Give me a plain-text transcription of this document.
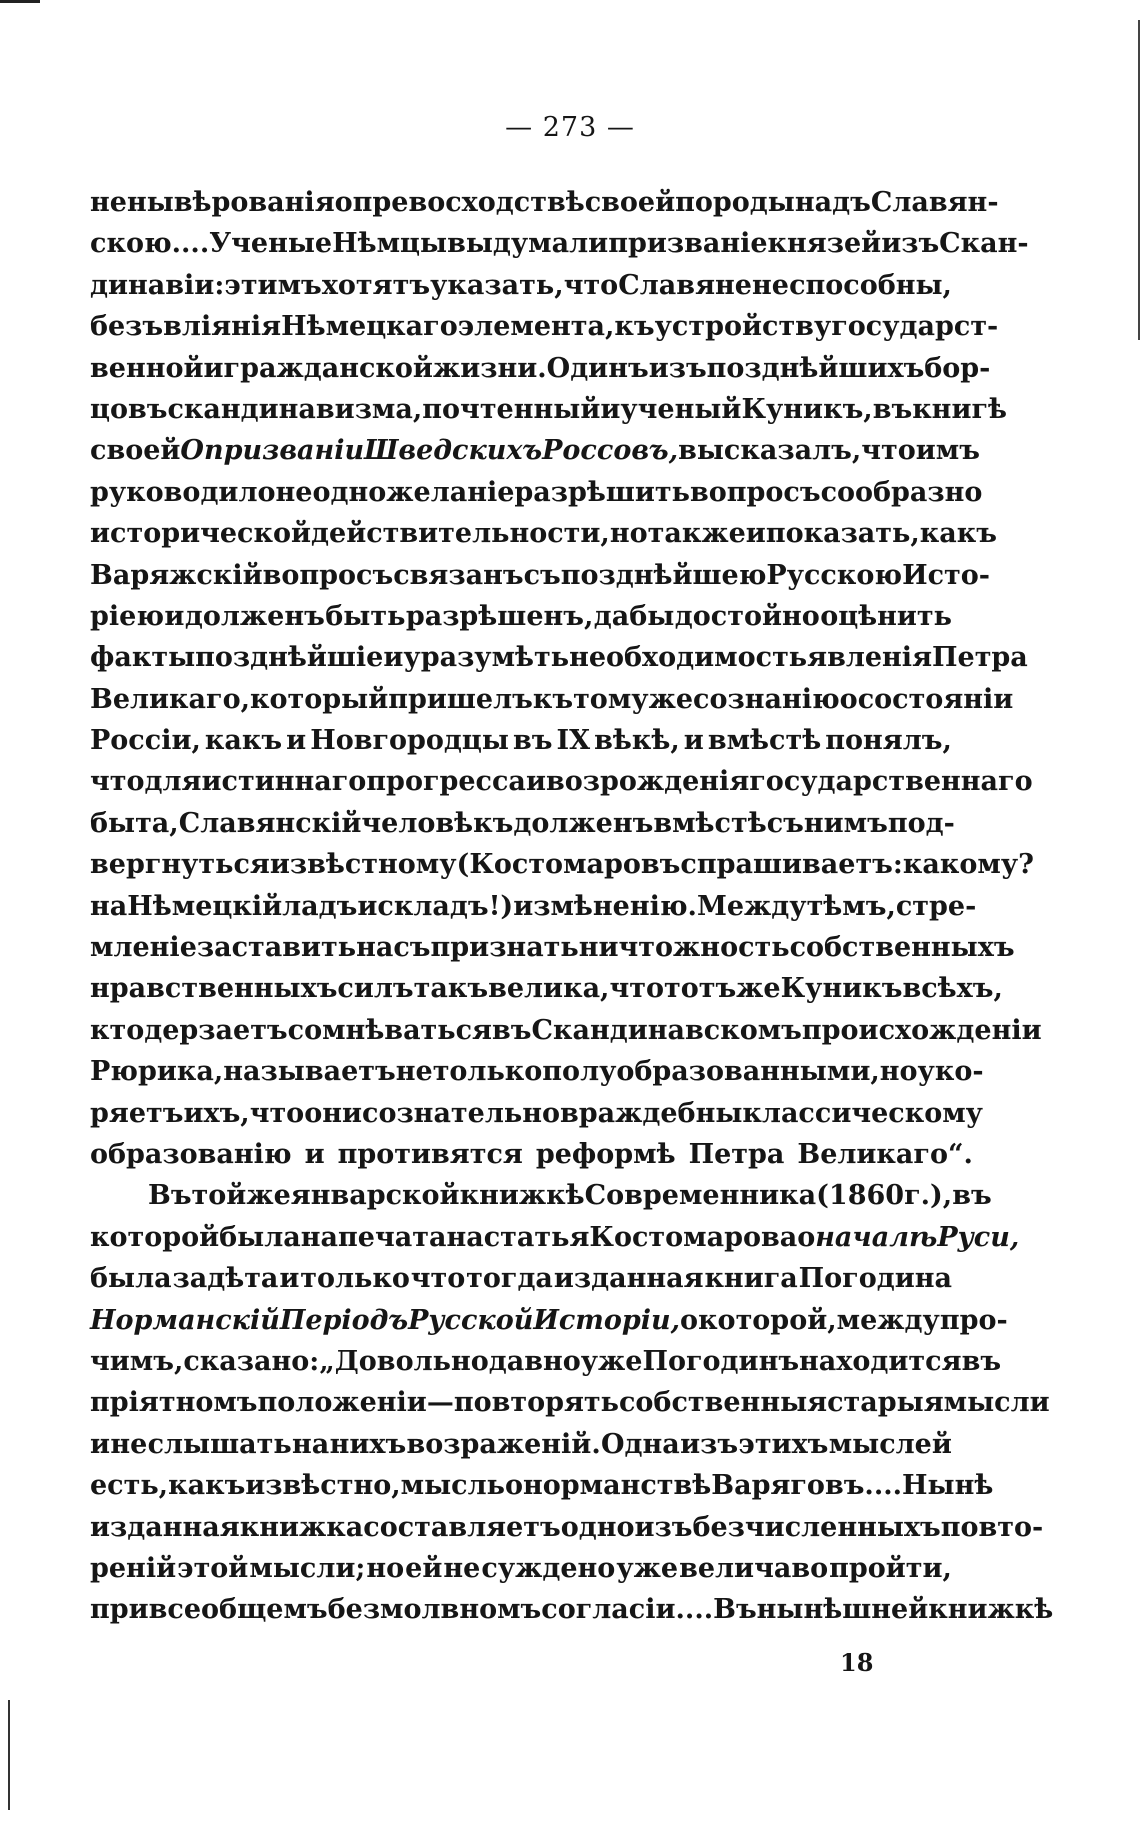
— 273 —
нены вѣрованія о превосходствѣ своей породы надъ Славян-
скою.... Ученые Нѣмцы выдумали призваніе князей изъ Скан-
динавіи: этимъ хотятъ указать, что Славяне не способны,
безъ вліянія Нѣмецкаго элемента, къ устройству государст-
венной и гражданской жизни. Одинъ изъ позднѣйшихъ бор-
цовъ скандинавизма, почтенный и ученый Куникъ, въ книгѣ
своей О призваніи Шведскихъ Россовъ, высказалъ, что имъ
руководило не одно желаніе разрѣшить вопросъ сообразно
исторической действительности, но также и показать, какъ
Варяжскій вопросъ связанъ съ позднѣйшею Русскою Исто-
ріею и долженъ быть разрѣшенъ, дабы достойно оцѣнить
факты позднѣйшіе и уразумѣть необходимость явленія Петра
Великаго, который пришелъ къ тому же сознанію о состояніи
Россіи, какъ и Новгородцы въ IX вѣкѣ, и вмѣстѣ понялъ,
что для истиннаго прогресса и возрожденія государственнаго
быта, Славянскій человѣкъ долженъ вмѣстѣ съ нимъ под-
вергнуться извѣстному (Костомаровъ спрашиваетъ: какому?
на Нѣмецкій ладъ и складъ!) измѣненію. Между тѣмъ, стре-
мленіе заставить насъ признать ничтожность собственныхъ
нравственныхъ силъ такъ велика, что тотъ же Куникъ всѣхъ,
кто дерзаетъ сомнѣваться въ Скандинавскомъ происхожденіи
Рюрика, называетъ не только полуобразованными, но уко-
ряетъ ихъ, что они сознательно враждебны классическому
образованію и противятся реформѣ Петра Великаго“.
Въ той же январской книжкѣ Современника (1860 г.), въ
которой была напечатана статья Костомарова о началѣ Руси,
была задѣта и только что тогда изданная книга Погодина
Норманскій Періодъ Русской Исторіи, о которой, между про-
чимъ, сказано: „Довольно давно уже Погодинъ находится въ
пріятномъ положеніи—повторять собственныя старыя мысли
и не слышать на нихъ возраженій. Одна изъ этихъ мыслей
есть, какъ извѣстно, мысль о норманствѣ Варяговъ.... Нынѣ
изданная книжка составляетъ одно изъ безчисленныхъ повто-
реній этой мысли; но ей не суждено уже величаво пройти,
при всеобщемъ безмолвномъ согласіи.... Въ нынѣшней книжкѣ
18
